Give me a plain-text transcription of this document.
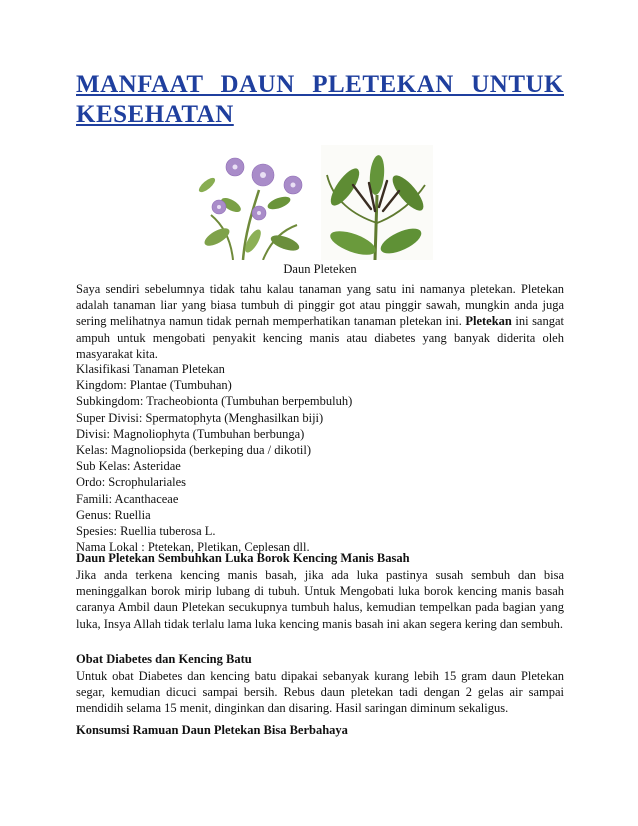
MANFAAT DAUN PLETEKAN UNTUK KESEHATAN
Daun Pleteken

Saya sendiri sebelumnya tidak tahu kalau tanaman yang satu ini namanya pletekan. Pletekan adalah tanaman liar yang biasa tumbuh di pinggir got atau pinggir sawah, mungkin anda juga sering melihatnya namun tidak pernah memperhatikan tanaman pletekan ini. Pletekan ini sangat ampuh untuk mengobati penyakit kencing manis atau diabetes yang banyak diderita oleh masyarakat kita.

Klasifikasi Tanaman Pletekan
Kingdom: Plantae (Tumbuhan)
Subkingdom: Tracheobionta (Tumbuhan berpembuluh)
Super Divisi: Spermatophyta (Menghasilkan biji)
Divisi: Magnoliophyta (Tumbuhan berbunga)
Kelas: Magnoliopsida (berkeping dua / dikotil)
Sub Kelas: Asteridae
Ordo: Scrophulariales
Famili: Acanthaceae
Genus: Ruellia
Spesies: Ruellia tuberosa L.
Nama Lokal : Ptetekan, Pletikan, Ceplesan dll.
Daun Pletekan Sembuhkan Luka Borok Kencing Manis Basah

Jika anda terkena kencing manis basah, jika ada luka pastinya susah sembuh dan bisa meninggalkan borok mirip lubang di tubuh. Untuk Mengobati luka borok kencing manis basah caranya Ambil daun Pletekan secukupnya tumbuh halus, kemudian tempelkan pada bagian yang luka, Insya Allah tidak terlalu lama luka kencing manis basah ini akan segera kering dan sembuh.

Obat Diabetes dan Kencing Batu

Untuk obat Diabetes dan kencing batu dipakai sebanyak kurang lebih 15 gram daun Pletekan segar, kemudian dicuci sampai bersih. Rebus daun pletekan tadi dengan 2 gelas air sampai mendidih selama 15 menit, dinginkan dan disaring. Hasil saringan diminum sekaligus.

Konsumsi Ramuan Daun Pletekan Bisa Berbahaya
